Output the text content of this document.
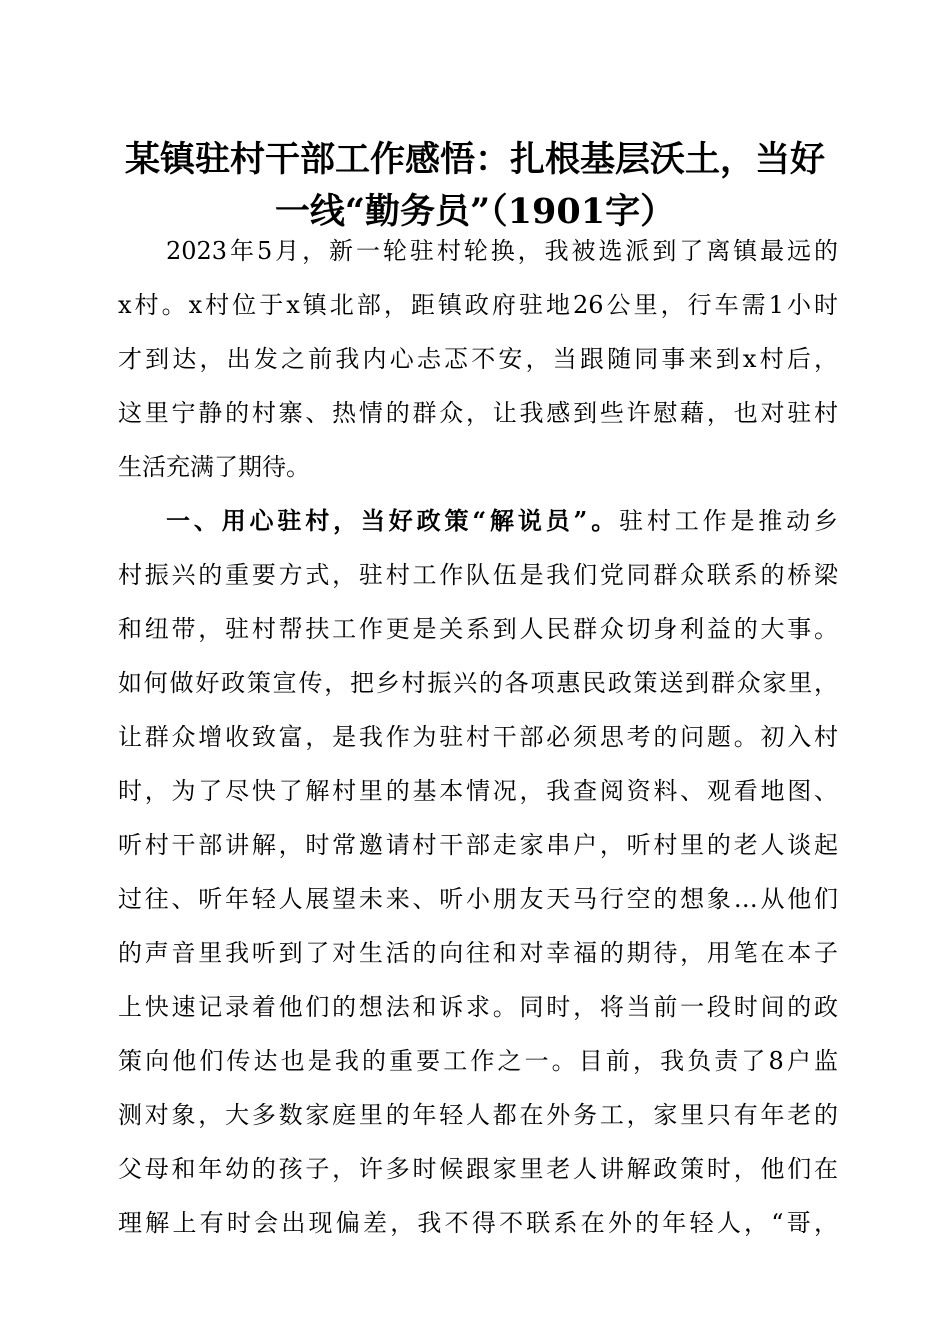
某镇驻村干部工作感悟：扎根基层沃土，当好
一线“勤务员”（1901字）
2023年5月，新一轮驻村轮换，我被选派到了离镇最远的
x村。x村位于x镇北部，距镇政府驻地26公里，行车需1小时
才到达，出发之前我内心忐忑不安，当跟随同事来到x村后，
这里宁静的村寨、热情的群众，让我感到些许慰藉，也对驻村
生活充满了期待。
一、用心驻村，当好政策“解说员”。驻村工作是推动乡
村振兴的重要方式，驻村工作队伍是我们党同群众联系的桥梁
和纽带，驻村帮扶工作更是关系到人民群众切身利益的大事。
如何做好政策宣传，把乡村振兴的各项惠民政策送到群众家里，
让群众增收致富，是我作为驻村干部必须思考的问题。初入村
时，为了尽快了解村里的基本情况，我查阅资料、观看地图、
听村干部讲解，时常邀请村干部走家串户，听村里的老人谈起
过往、听年轻人展望未来、听小朋友天马行空的想象…从他们
的声音里我听到了对生活的向往和对幸福的期待，用笔在本子
上快速记录着他们的想法和诉求。同时，将当前一段时间的政
策向他们传达也是我的重要工作之一。目前，我负责了8户监
测对象，大多数家庭里的年轻人都在外务工，家里只有年老的
父母和年幼的孩子，许多时候跟家里老人讲解政策时，他们在
理解上有时会出现偏差，我不得不联系在外的年轻人，“哥，
